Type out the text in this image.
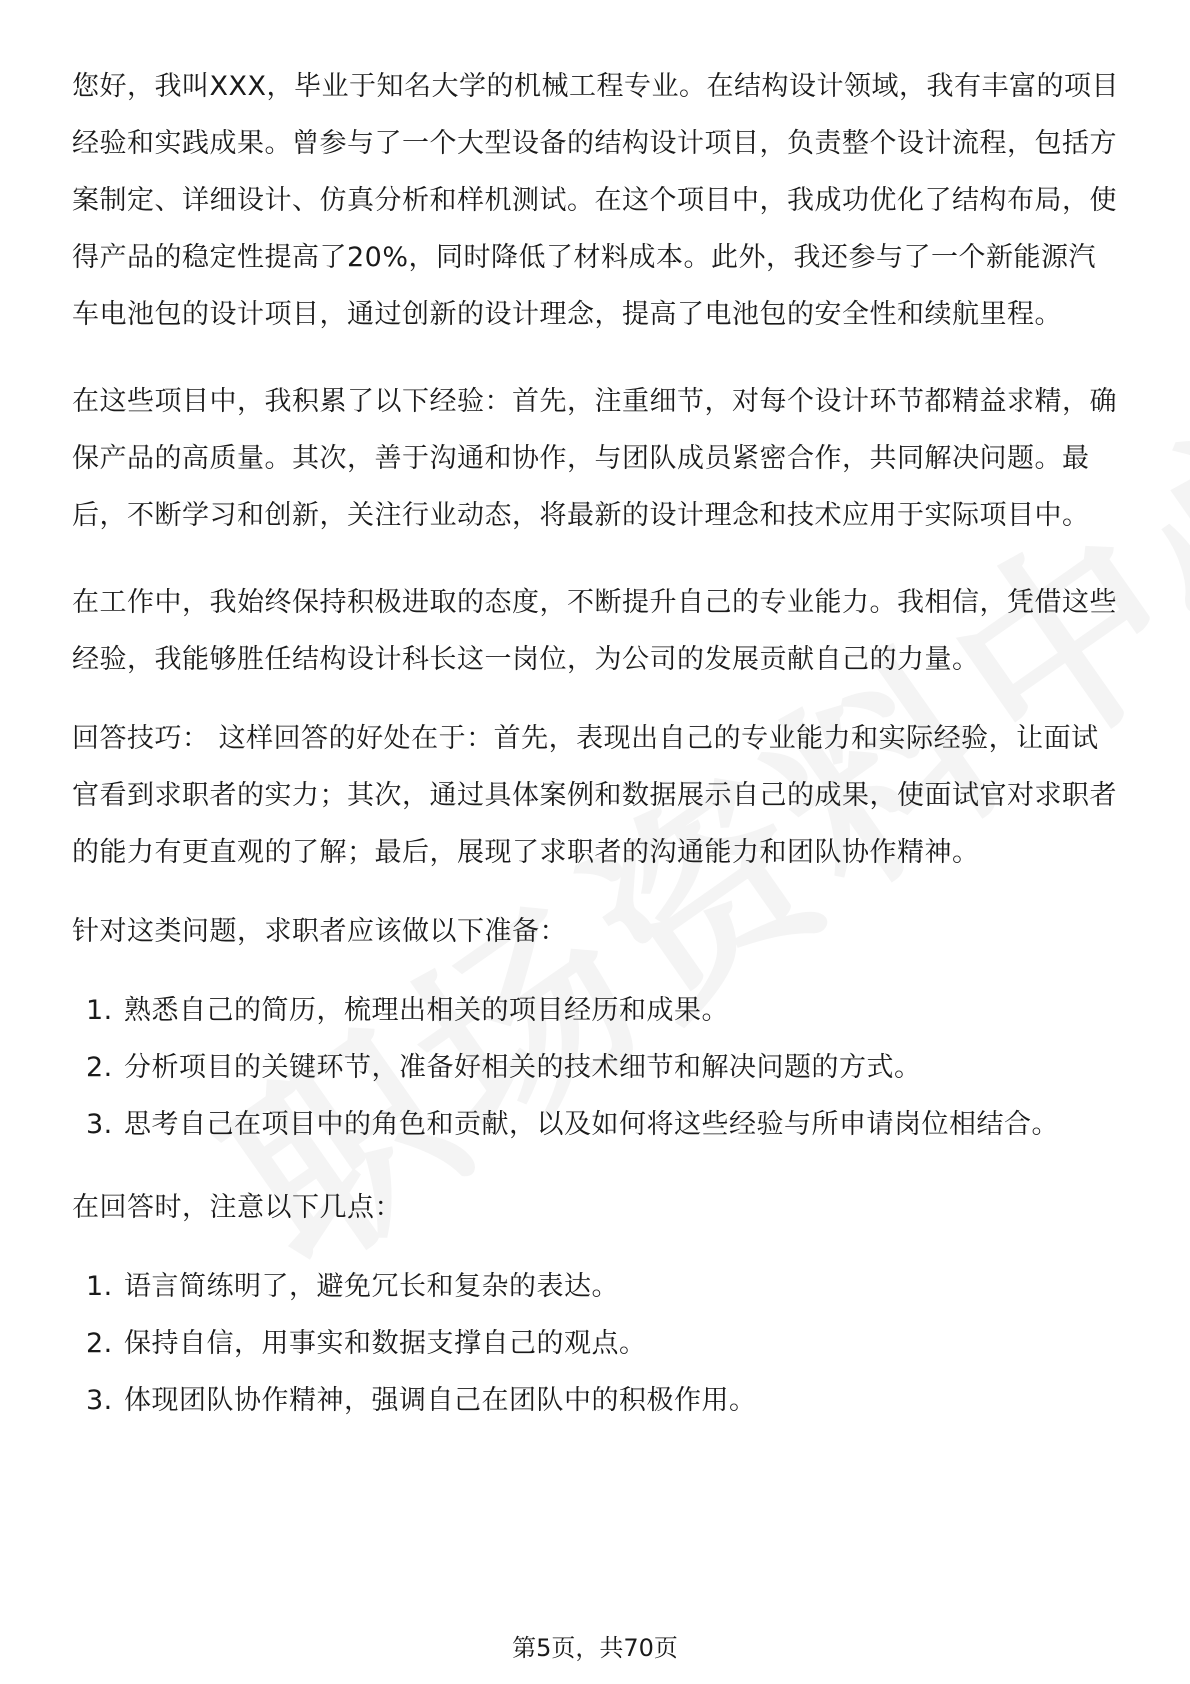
您好，我叫XXX，毕业于知名大学的机械工程专业。在结构设计领域，我有丰富的项目经验和实践成果。曾参与了一个大型设备的结构设计项目，负责整个设计流程，包括方案制定、详细设计、仿真分析和样机测试。在这个项目中，我成功优化了结构布局，使得产品的稳定性提高了20%，同时降低了材料成本。此外，我还参与了一个新能源汽车电池包的设计项目，通过创新的设计理念，提高了电池包的安全性和续航里程。

在这些项目中，我积累了以下经验：首先，注重细节，对每个设计环节都精益求精，确保产品的高质量。其次，善于沟通和协作，与团队成员紧密合作，共同解决问题。最后，不断学习和创新，关注行业动态，将最新的设计理念和技术应用于实际项目中。

在工作中，我始终保持积极进取的态度，不断提升自己的专业能力。我相信，凭借这些经验，我能够胜任结构设计科长这一岗位，为公司的发展贡献自己的力量。

回答技巧： 这样回答的好处在于：首先，表现出自己的专业能力和实际经验，让面试官看到求职者的实力；其次，通过具体案例和数据展示自己的成果，使面试官对求职者的能力有更直观的了解；最后，展现了求职者的沟通能力和团队协作精神。

针对这类问题，求职者应该做以下准备：

1. 熟悉自己的简历，梳理出相关的项目经历和成果。
2. 分析项目的关键环节，准备好相关的技术细节和解决问题的方式。
3. 思考自己在项目中的角色和贡献，以及如何将这些经验与所申请岗位相结合。

在回答时，注意以下几点：

1. 语言简练明了，避免冗长和复杂的表达。
2. 保持自信，用事实和数据支撑自己的观点。
3. 体现团队协作精神，强调自己在团队中的积极作用。
第5页，共70页
